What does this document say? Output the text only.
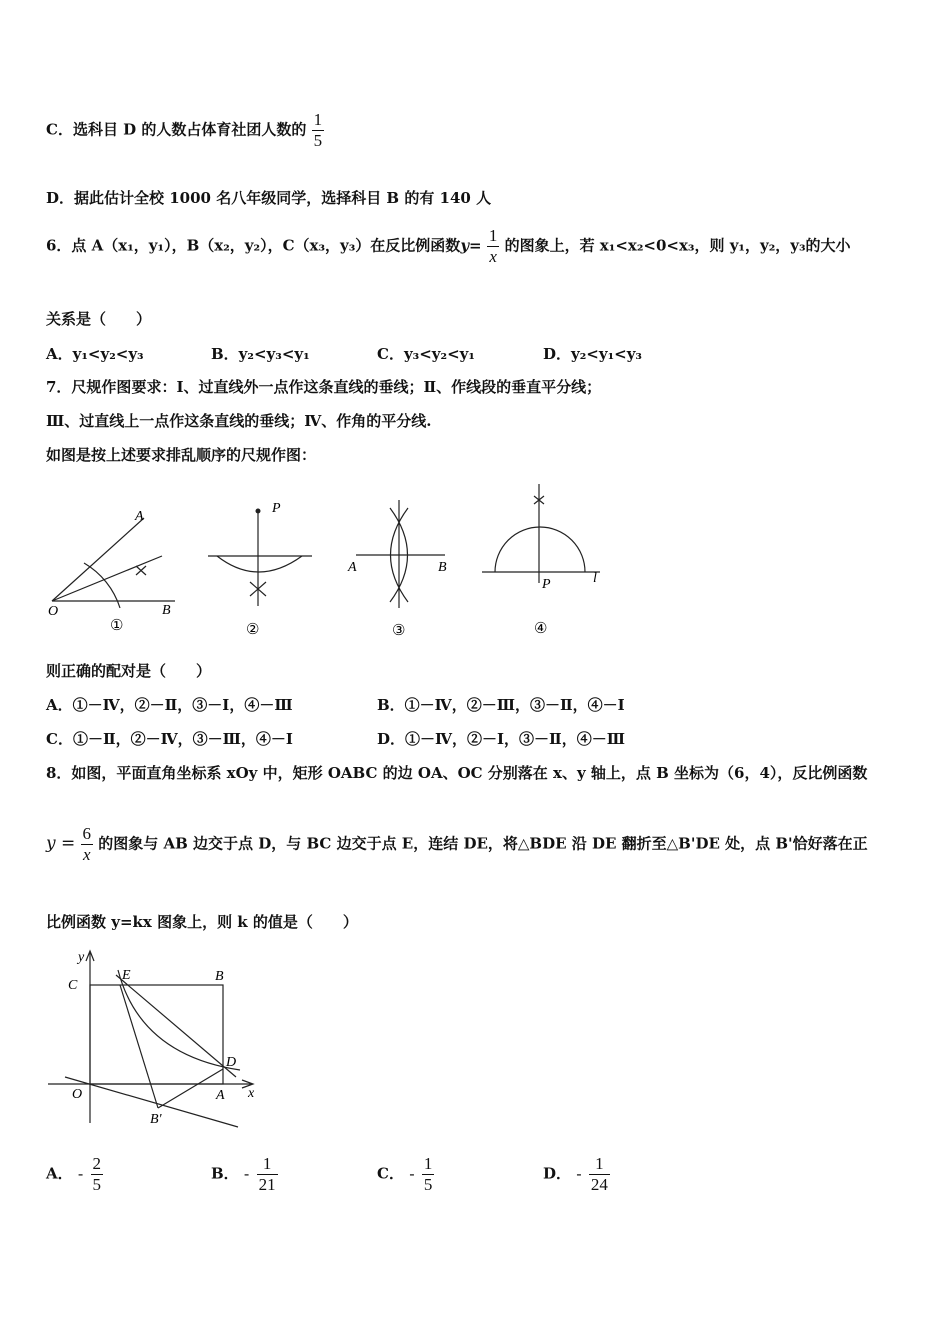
C．选科目 D 的人数占体育社团人数的 $\frac{1}{5}$
D．据此估计全校 1000 名八年级同学，选择科目 B 的有 140 人
6．点 A（x₁，y₁），B（x₂，y₂），C（x₃，y₃）在反比例函数$y= \frac{1}{x}$ 的图象上，若 x₁<x₂<0<x₃，则 y₁，y₂，y₃的大小
关系是（　　）
A．y₁<y₂<y₃	B．y₂<y₃<y₁	C．y₃<y₂<y₁	D．y₂<y₁<y₃
7．尺规作图要求：Ⅰ、过直线外一点作这条直线的垂线；Ⅱ、作线段的垂直平分线；
Ⅲ、过直线上一点作这条直线的垂线；Ⅳ、作角的平分线.
如图是按上述要求排乱顺序的尺规作图：
A
O	B
①
P
②
A	B
③
P	l
④
则正确的配对是（　　）
A．①－Ⅳ，②－Ⅱ，③－Ⅰ，④－Ⅲ	B．①－Ⅳ，②－Ⅲ，③－Ⅱ，④－Ⅰ
C．①－Ⅱ，②－Ⅳ，③－Ⅲ，④－Ⅰ	D．①－Ⅳ，②－Ⅰ，③－Ⅱ，④－Ⅲ
8．如图，平面直角坐标系 xOy 中，矩形 OABC 的边 OA、OC 分别落在 x、y 轴上，点 B 坐标为（6，4），反比例函数
$y = \frac{6}{x}$ 的图象与 AB 边交于点 D，与 BC 边交于点 E，连结 DE，将△BDE 沿 DE 翻折至△B'DE 处，点 B'恰好落在正
比例函数 y=kx 图象上，则 k 的值是（　　）
y
C
E	B
D
O	A x
B'
A． - $\frac{2}{5}$	B． - $\frac{1}{21}$	C． - $\frac{1}{5}$	D． - $\frac{1}{24}$
